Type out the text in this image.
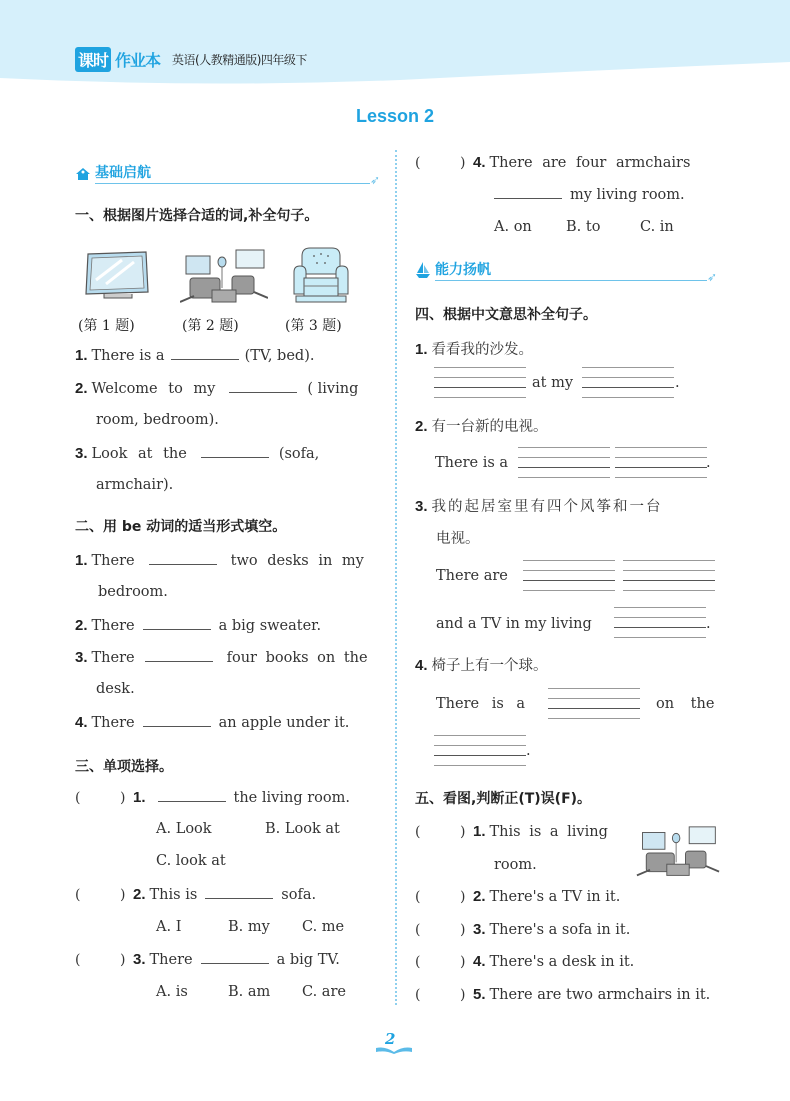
课时 作业本 英语(人教精通版)四年级下
Lesson 2
基础启航	➶
一、根据图片选择合适的词,补全句子。
(第 1 题)	(第 2 题)	(第 3 题)
1. There is a	(TV, bed).
2. Welcome to my	( living
room, bedroom).
3. Look at the	(sofa,
armchair).
二、用 be 动词的适当形式填空。
1. There	two desks in my
bedroom.
2. There	a big sweater.
3. There	four books on the
desk.
4. There	an apple under it.
三、单项选择。
(	) 1.	the living room.
A. Look	B. Look at
C. look at
(	) 2. This is	sofa.
A. I	B. my C. me
(	) 3. There	a big TV.
A. is	B. am C. are
(	) 4. There are four armchairs
my living room.
A. on B. to	C. in
能力扬帆	➶
四、根据中文意思补全句子。
1. 看看我的沙发。
at my	.
2. 有一台新的电视。
There is a	.
3. 我的起居室里有四个风筝和一台
电视。
There are
and a TV in my living	.
4. 椅子上有一个球。
There is a	on the
.
五、看图,判断正(T)误(F)。
(	) 1. This is a living
room.
(	) 2. There's a TV in it.
(	) 3. There's a sofa in it.
(	) 4. There's a desk in it.
(	) 5. There are two armchairs in it.
2
